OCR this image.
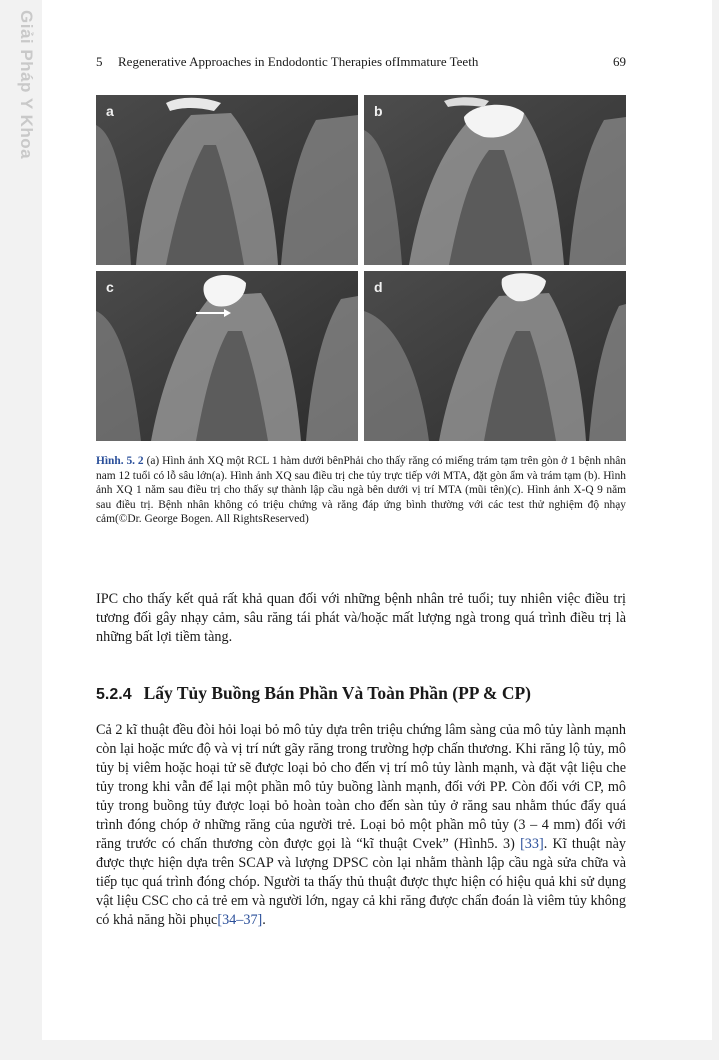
Giải Pháp Y Khoa	5 Regenerative Approaches in Endodontic Therapies ofImmature Teeth	69
a	b
c	d
Hình. 5. 2 (a) Hình ảnh XQ một RCL 1 hàm dưới bênPhải cho thấy răng có miếng trám tạm trên gòn ở 1 bệnh nhân nam 12 tuổi có lỗ sâu lớn(a). Hình ảnh XQ sau điều trị che tủy trực tiếp với MTA, đặt gòn ẩm và trám tạm (b). Hình ảnh XQ 1 năm sau điều trị cho thấy sự thành lập cầu ngà bên dưới vị trí MTA (mũi tên)(c). Hình ảnh X-Q 9 năm sau điều trị. Bệnh nhân không có triệu chứng và răng đáp ứng bình thường với các test thử nghiệm độ nhạy cảm(©Dr. George Bogen. All RightsReserved)
IPC cho thấy kết quả rất khả quan đối với những bệnh nhân trẻ tuổi; tuy nhiên việc điều trị tương đối gây nhạy cảm, sâu răng tái phát và/hoặc mất lượng ngà trong quá trình điều trị là những bất lợi tiềm tàng.
5.2.4 Lấy Tủy Buồng Bán Phần Và Toàn Phần (PP & CP)
Cả 2 kĩ thuật đều đòi hỏi loại bỏ mô tủy dựa trên triệu chứng lâm sàng của mô tủy lành mạnh còn lại hoặc mức độ và vị trí nứt gãy răng trong trường hợp chấn thương. Khi răng lộ tủy, mô tủy bị viêm hoặc hoại tử sẽ được loại bỏ cho đến vị trí mô tủy lành mạnh, và đặt vật liệu che tủy trong khi vẫn để lại một phần mô tủy buồng lành mạnh, đối với PP. Còn đối với CP, mô tủy trong buồng tủy được loại bỏ hoàn toàn cho đến sàn tủy ở răng sau nhằm thúc đẩy quá trình đóng chóp ở những răng của người trẻ. Loại bỏ một phần mô tủy (3 – 4 mm) đối với răng trước có chấn thương còn được gọi là “kĩ thuật Cvek” (Hình5. 3) [33]. Kĩ thuật này được thực hiện dựa trên SCAP và lượng DPSC còn lại nhằm thành lập cầu ngà sửa chữa và tiếp tục quá trình đóng chóp. Người ta thấy thủ thuật được thực hiện có hiệu quả khi sử dụng vật liệu CSC cho cả trẻ em và người lớn, ngay cả khi răng được chẩn đoán là viêm tủy không có khả năng hồi phục[34–37].
